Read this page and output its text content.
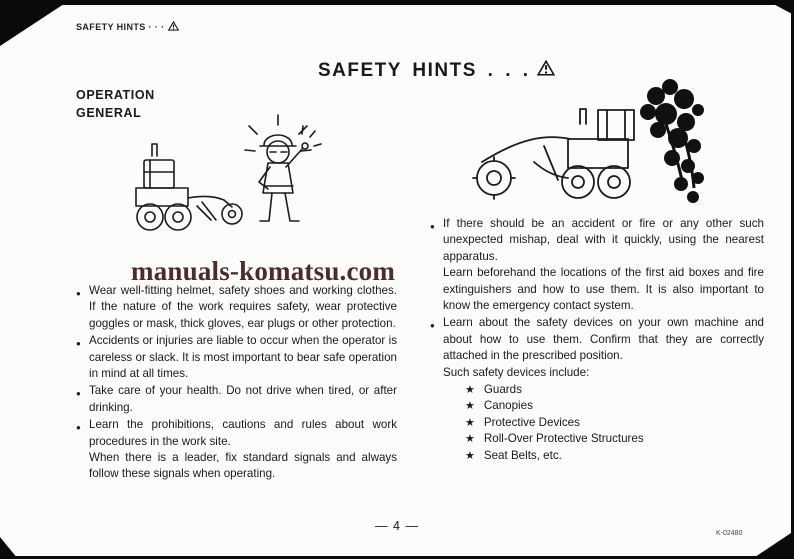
SAFETY HINTS · · ·
SAFETY HINTS . . .
OPERATION
GENERAL
manuals-komatsu.com
● Wear well-fitting helmet, safety shoes and working clothes. If the nature of the work requires safety, wear protective goggles or mask, thick gloves, ear plugs or other protection.

● Accidents or injuries are liable to occur when the operator is careless or slack. It is most important to bear safe operation in mind at all times.

● Take care of your health. Do not drive when tired, or after drinking.

● Learn the prohibitions, cautions and rules about work procedures in the work site.

When there is a leader, fix standard signals and always follow these signals when operating.

● If there should be an accident or fire or any other such unexpected mishap, deal with it quickly, using the nearest apparatus.

Learn beforehand the locations of the first aid boxes and fire extinguishers and how to use them. It is also important to know the emergency contact system.

● Learn about the safety devices on your own machine and about how to use them. Confirm that they are correctly attached in the prescribed position.

Such safety devices include:

★ Guards
★ Canopies
★ Protective Devices
★ Roll-Over Protective Structures
★ Seat Belts, etc.
— 4 —
K-02480
